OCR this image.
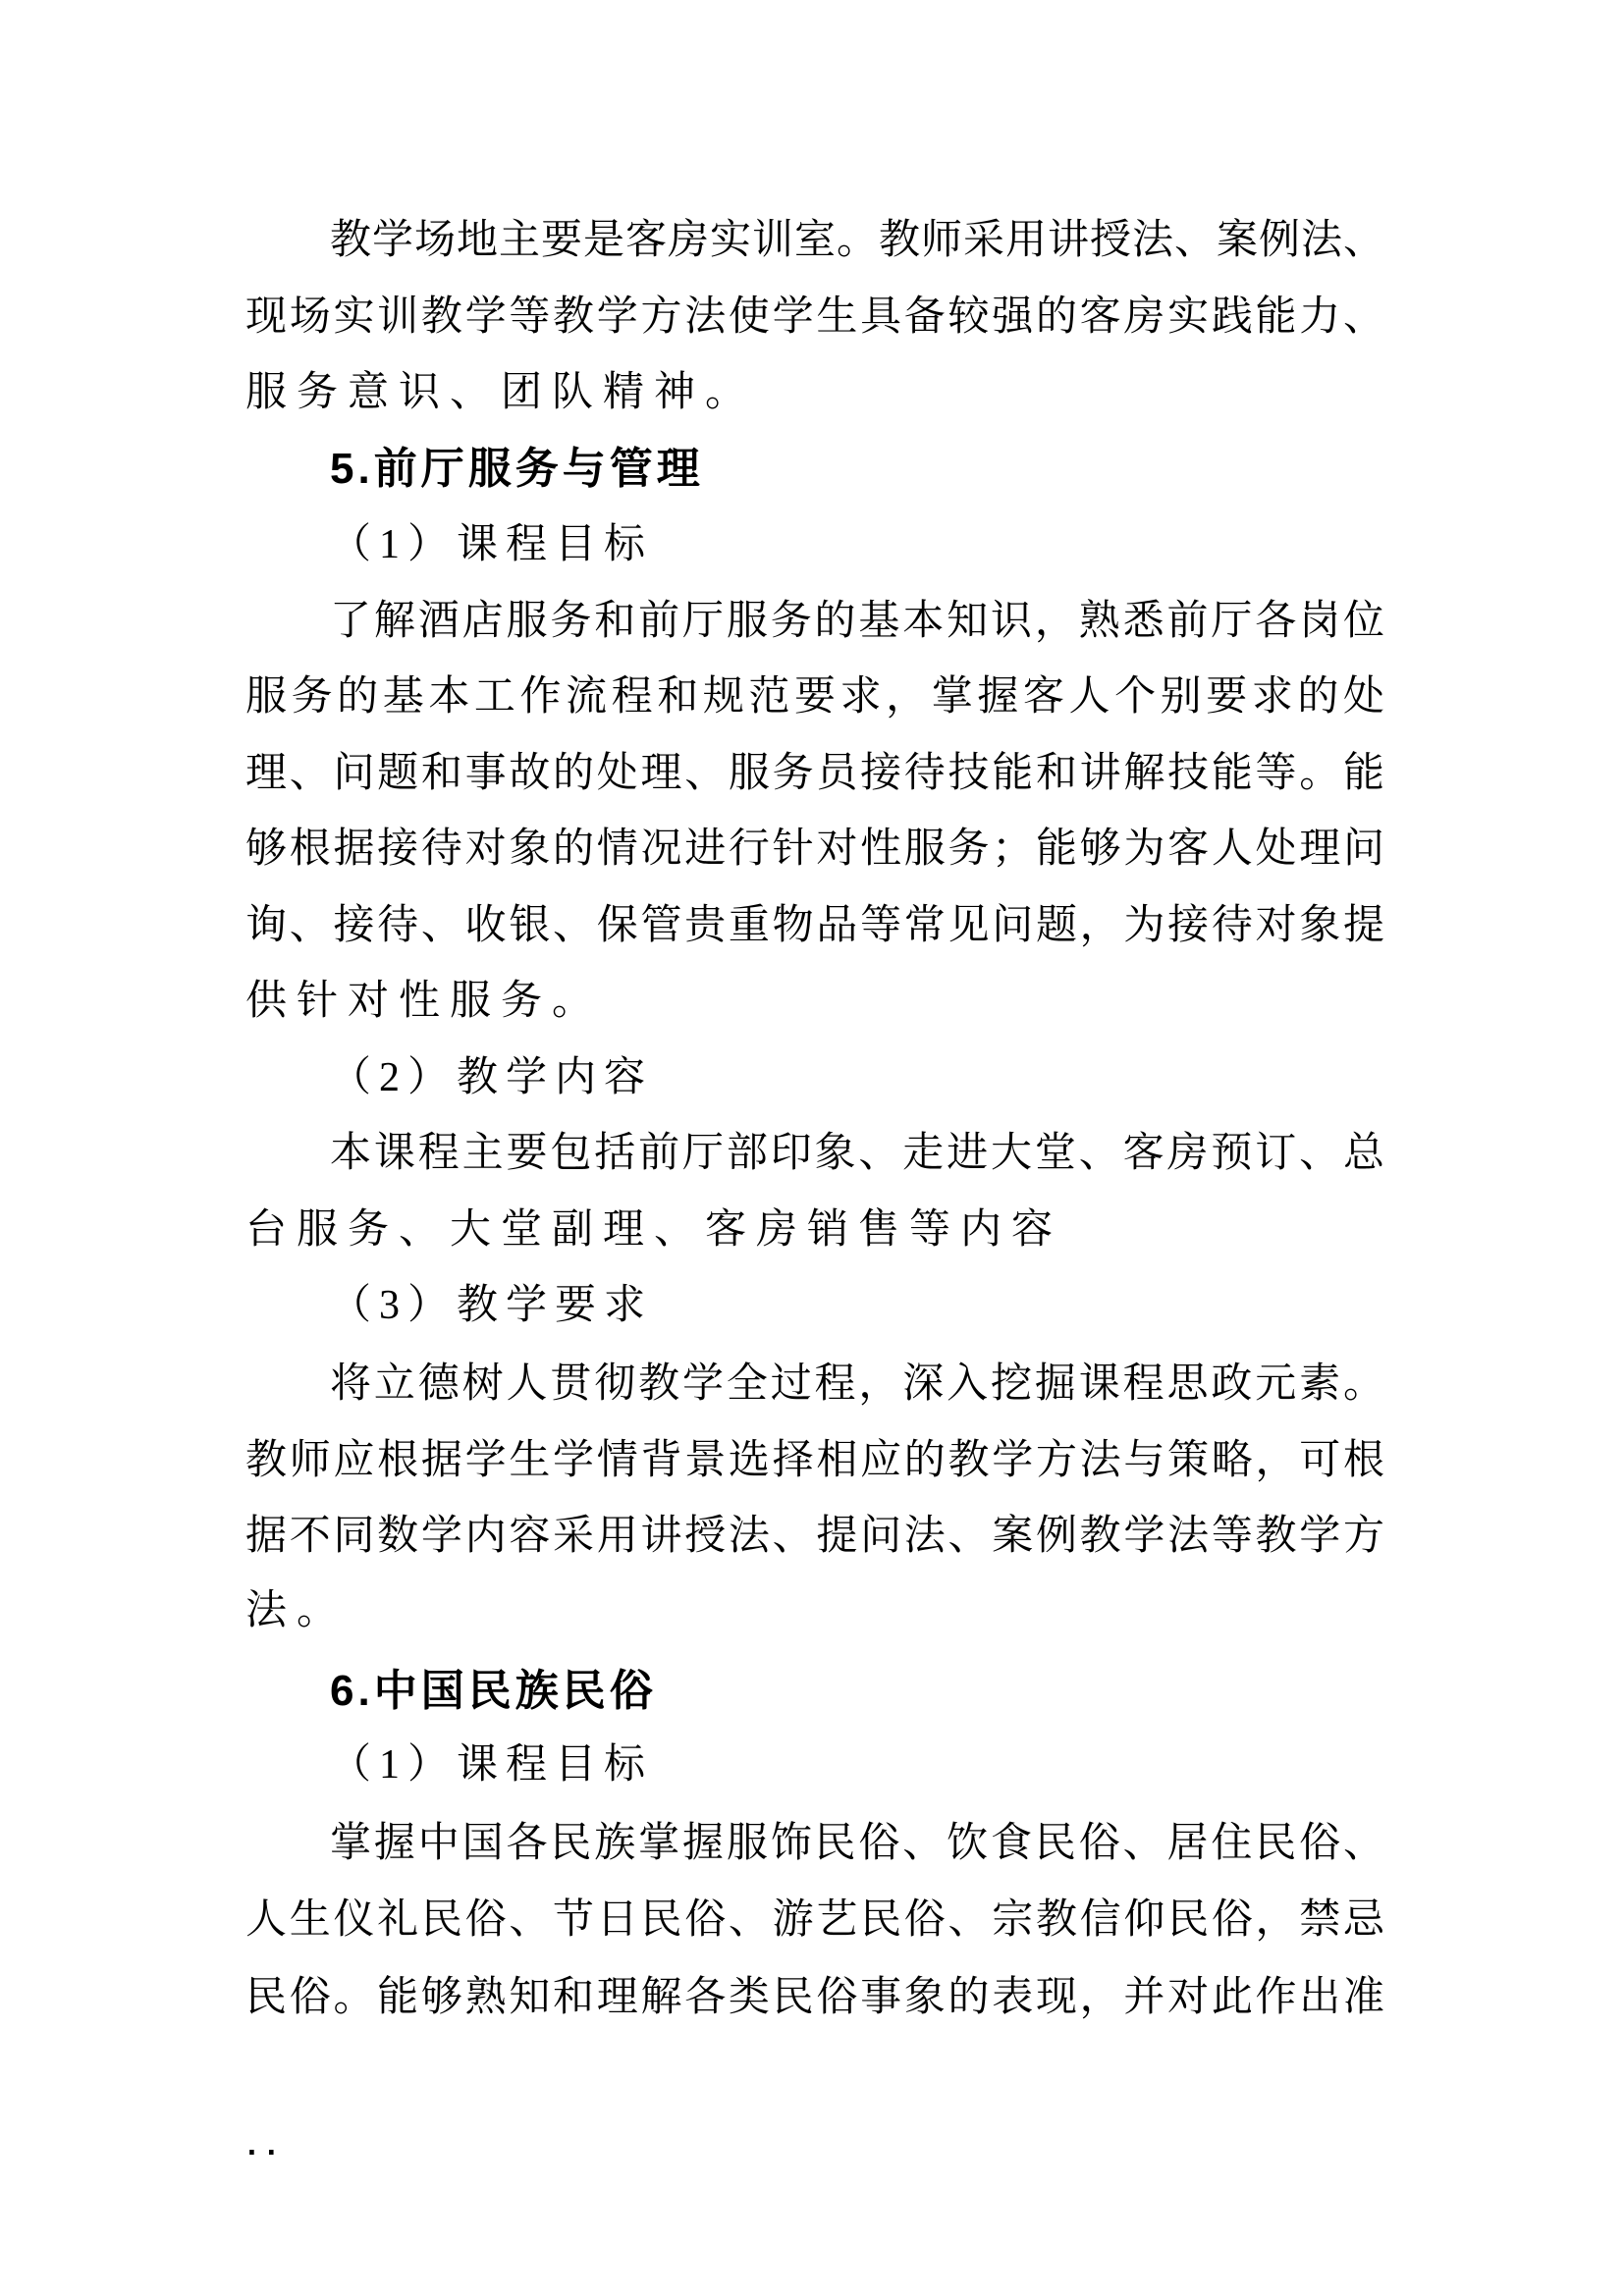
教学场地主要是客房实训室。教师采用讲授法、案例法、
现场实训教学等教学方法使学生具备较强的客房实践能力、
服务意识、团队精神。
5.前厅服务与管理
（1）课程目标
了解酒店服务和前厅服务的基本知识，熟悉前厅各岗位
服务的基本工作流程和规范要求，掌握客人个别要求的处
理、问题和事故的处理、服务员接待技能和讲解技能等。能
够根据接待对象的情况进行针对性服务；能够为客人处理问
询、接待、收银、保管贵重物品等常见问题，为接待对象提
供针对性服务。
（2）教学内容
本课程主要包括前厅部印象、走进大堂、客房预订、总
台服务、大堂副理、客房销售等内容
（3）教学要求
将立德树人贯彻教学全过程，深入挖掘课程思政元素。
教师应根据学生学情背景选择相应的教学方法与策略，可根
据不同数学内容采用讲授法、提问法、案例教学法等教学方
法。
6.中国民族民俗
（1）课程目标
掌握中国各民族掌握服饰民俗、饮食民俗、居住民俗、
人生仪礼民俗、节日民俗、游艺民俗、宗教信仰民俗，禁忌
民俗。能够熟知和理解各类民俗事象的表现，并对此作出准
..
